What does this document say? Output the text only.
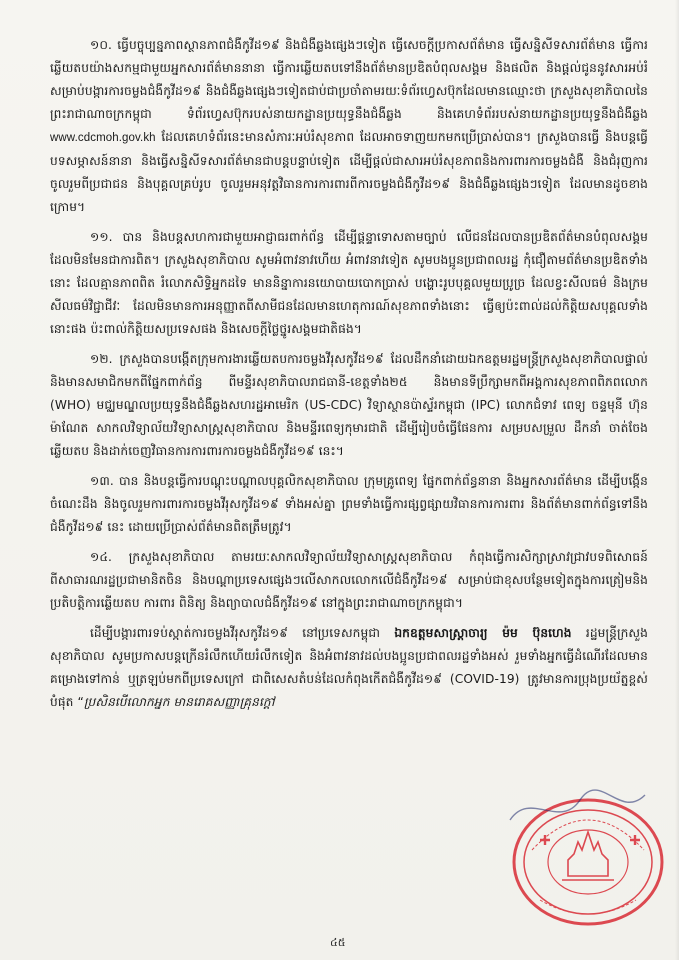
១០. ធ្វើបច្ចុប្បន្នភាពស្ថានភាពជំងឺកូវីដ១៩ និងជំងឺឆ្លងផ្សេងៗទៀត ធ្វើសេចក្តីប្រកាសព័ត៌មាន ធ្វើសន្និសីទសារព័ត៌មាន ធ្វើការឆ្លើយតបយ៉ាងសកម្មជាមួយអ្នកសារព័ត៌មាននានា ធ្វើការឆ្លើយតបទៅនឹងព័ត៌មានប្រឌិតបំពុលសង្គម និងផលិត និងផ្តល់ជូននូវសារអប់រំសម្រាប់បង្ការការចម្លងជំងឺកូវីដ១៩ និងជំងឺឆ្លងផ្សេងៗទៀតជាប់ជាប្រចាំតាមរយៈទំព័រហ្វេសប៊ុកដែលមានឈ្មោះថា ក្រសួងសុខាភិបាលនៃព្រះរាជាណាចក្រកម្ពុជា ទំព័រហ្វេសប៊ុករបស់នាយកដ្ឋានប្រយុទ្ធនឹងជំងឺឆ្លង និងគេហទំព័ររបស់នាយកដ្ឋានប្រយុទ្ធនឹងជំងឺឆ្លង www.cdcmoh.gov.kh ដែលគេហទំព័រនេះមានសំភារៈអប់រំសុខភាព ដែលអាចទាញយកមកប្រើប្រាស់បាន។ ក្រសួងបានធ្វើ និងបន្តធ្វើបទសម្ភាសន៍នានា និងធ្វើសន្និសីទសារព័ត៌មានជាបន្តបន្ទាប់ទៀត ដើម្បីផ្តល់ជាសារអប់រំសុខភាពនិងការពារការចម្លងជំងឺ និងជំរុញការចូលរួមពីប្រជាជន និងបុគ្គលគ្រប់រូប ចូលរួមអនុវត្តវិធានការការពារពីការចម្លងជំងឺកូវីដ១៩ និងជំងឺឆ្លងផ្សេងៗទៀត ដែលមានដូចខាងក្រោម។

១១. បាន និងបន្តសហការជាមួយអាជ្ញាធរពាក់ព័ន្ធ ដើម្បីផ្តន្ទាទោសតាមច្បាប់ លើជនដែលបានប្រឌិតព័ត៌មានបំពុលសង្គម ដែលមិនមែនជាការពិត។ ក្រសួងសុខាភិបាល សូមអំពាវនាវហើយ អំពាវនាវទៀត សូមបងប្អូនប្រជាពលរដ្ឋ កុំជឿតាមព័ត៌មានប្រឌិតទាំងនោះ ដែលគ្មានភាពពិត រំលោភសិទ្ធិអ្នកដទៃ មាននិន្នាការនយោបាយបោកប្រាស់ បង្ហោះរូបបុគ្គលមួយប្រូច្រ ដែលខ្វះសីលធម៌ និងក្រមសីលធម៌វិជ្ជាជីវៈ ដែលមិនមានការអនុញ្ញាតពីសាមីជនដែលមានហេតុការណ៍សុខភាពទាំងនោះ ធ្វើឲ្យប៉ះពាល់ដល់កិត្តិយសបុគ្គលទាំងនោះផង ប៉ះពាល់កិត្តិយសប្រទេសផង និងសេចក្តីថ្លៃថ្នូរសង្គមជាតិផង។

១២. ក្រសួងបានបង្កើតក្រុមការងារឆ្លើយតបការចម្លងវីរុសកូវីដ១៩ ដែលដឹកនាំដោយឯកឧត្តមរដ្ឋមន្ត្រីក្រសួងសុខាភិបាលផ្ទាល់ និងមានសមាជិកមកពីផ្នែកពាក់ព័ន្ធ ពីមន្ទីរសុខាភិបាលរាជធានី-ខេត្តទាំង២៥ និងមានទីប្រឹក្សាមកពីអង្គការសុខភាពពិភពលោក (WHO) មជ្ឈមណ្ឌលប្រយុទ្ធនឹងជំងឺឆ្លងសហរដ្ឋអាមេរិក (US-CDC) វិទ្យាស្ថានប៉ាស្ទ័រកម្ពុជា (IPC) លោកជំទាវ ពេទ្យ ចន្ទមុនី ហ៊ុន ម៉ាណែត សាកលវិទ្យាល័យវិទ្យាសាស្ត្រសុខាភិបាល និងមន្ទីរពេទ្យកុមារជាតិ ដើម្បីរៀបចំធ្វើផែនការ សម្របសម្រួល ដឹកនាំ ចាត់ចែង ឆ្លើយតប និងដាក់ចេញវិធានការការពារការចម្លងជំងឺកូវីដ១៩ នេះ។

១៣. បាន និងបន្តធ្វើការបណ្តុះបណ្តាលបុគ្គលិកសុខាភិបាល ក្រុមគ្រូពេទ្យ ផ្នែកពាក់ព័ន្ធនានា និងអ្នកសារព័ត៌មាន ដើម្បីបង្កើនចំណេះដឹង និងចូលរួមការពារការចម្លងវីរុសកូវីដ១៩ ទាំងអស់គ្នា ព្រមទាំងធ្វើការផ្សព្វផ្សាយវិធានការការពារ និងព័ត៌មានពាក់ព័ន្ធទៅនឹងជំងឺកូវីដ១៩ នេះ ដោយប្រើប្រាស់ព័ត៌មានពិតត្រឹមត្រូវ។

១៤. ក្រសួងសុខាភិបាល តាមរយៈសាកលវិទ្យាល័យវិទ្យាសាស្ត្រសុខាភិបាល កំពុងធ្វើការសិក្សាស្រាវជ្រាវបទពិសោធន៍ ពីសាធារណរដ្ឋប្រជាមានិតចិន និងបណ្តាប្រទេសផ្សេងៗលើសាកលលោកលើជំងឺកូវីដ១៩ សម្រាប់ជាខុសបន្ថែមទៀតក្នុងការត្រៀមនិងប្រតិបត្តិការឆ្លើយតប ការពារ ពិនិត្យ និងព្យាបាលជំងឺកូវីដ១៩ នៅក្នុងព្រះរាជាណាចក្រកម្ពុជា។

ដើម្បីបង្ការពារទប់ស្កាត់ការចម្លងវីរុសកូវីដ១៩ នៅប្រទេសកម្ពុជា ឯកឧត្តមសាស្ត្រាចារ្យ ម៉ម ប៊ុនហេង រដ្ឋមន្ត្រីក្រសួងសុខាភិបាល សូមប្រកាសបន្តក្រើនរំលឹកហើយរំលឹកទៀត និងអំពាវនាវដល់បងប្អូនប្រជាពលរដ្ឋទាំងអស់ រួមទាំងអ្នកធ្វើដំណើរដែលមានគម្រោងទៅកាន់ ឬត្រឡប់មកពីប្រទេសក្រៅ ជាពិសេសតំបន់ដែលកំពុងកើតជំងឺកូវីដ១៩ (COVID-19) ត្រូវមានការប្រុងប្រយ័ត្នខ្ពស់បំផុត “ប្រសិនបើលោកអ្នក មានរោគសញ្ញាគ្រុនក្តៅ

៤៥
